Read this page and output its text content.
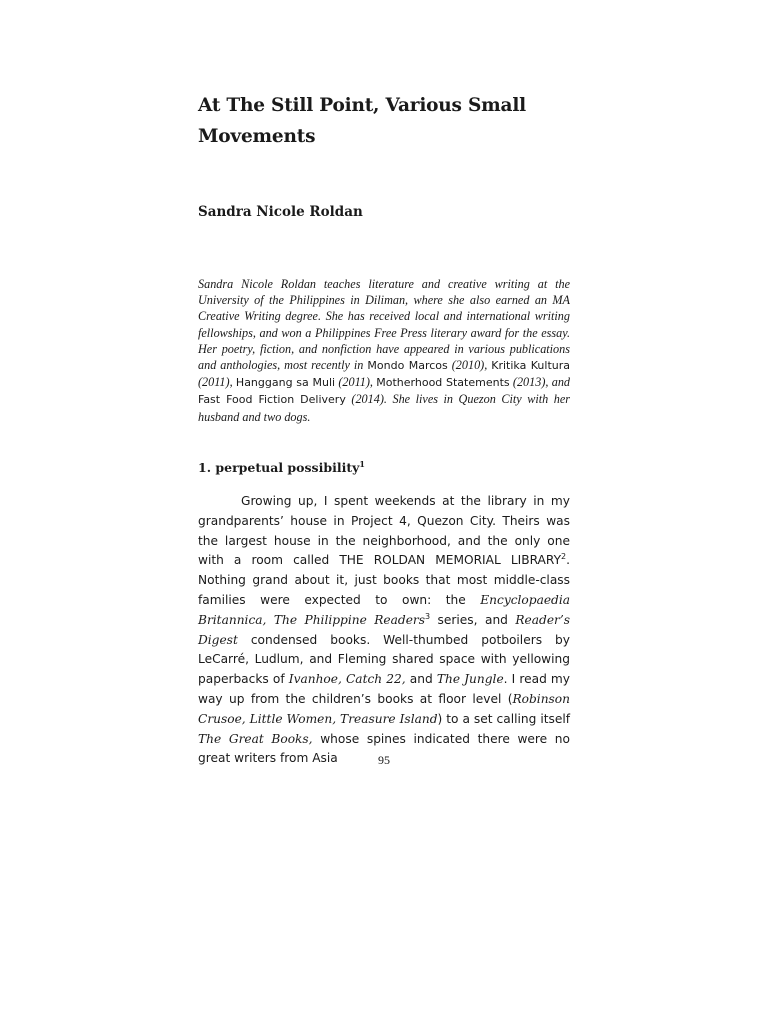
At The Still Point, Various Small Movements

Sandra Nicole Roldan

Sandra Nicole Roldan teaches literature and creative writing at the University of the Philippines in Diliman, where she also earned an MA Creative Writing degree. She has received local and international writing fellowships, and won a Philippines Free Press literary award for the essay. Her poetry, fiction, and nonfiction have appeared in various publications and anthologies, most recently in Mondo Marcos (2010), Kritika Kultura (2011), Hanggang sa Muli (2011), Motherhood Statements (2013), and Fast Food Fiction Delivery (2014). She lives in Quezon City with her husband and two dogs.

1. perpetual possibility$^1$

Growing up, I spent weekends at the library in my grandparents’ house in Project 4, Quezon City. Theirs was the largest house in the neighborhood, and the only one with a room called THE ROLDAN MEMORIAL LIBRARY$^2$. Nothing grand about it, just books that most middle-class families were expected to own: the Encyclopaedia Britannica, The Philippine Readers$^3$ series, and Reader’s Digest condensed books. Well-thumbed potboilers by LeCarré, Ludlum, and Fleming shared space with yellowing paperbacks of Ivanhoe, Catch 22, and The Jungle. I read my way up from the children’s books at floor level (Robinson Crusoe, Little Women, Treasure Island) to a set calling itself The Great Books, whose spines indicated there were no great writers from Asia	95
